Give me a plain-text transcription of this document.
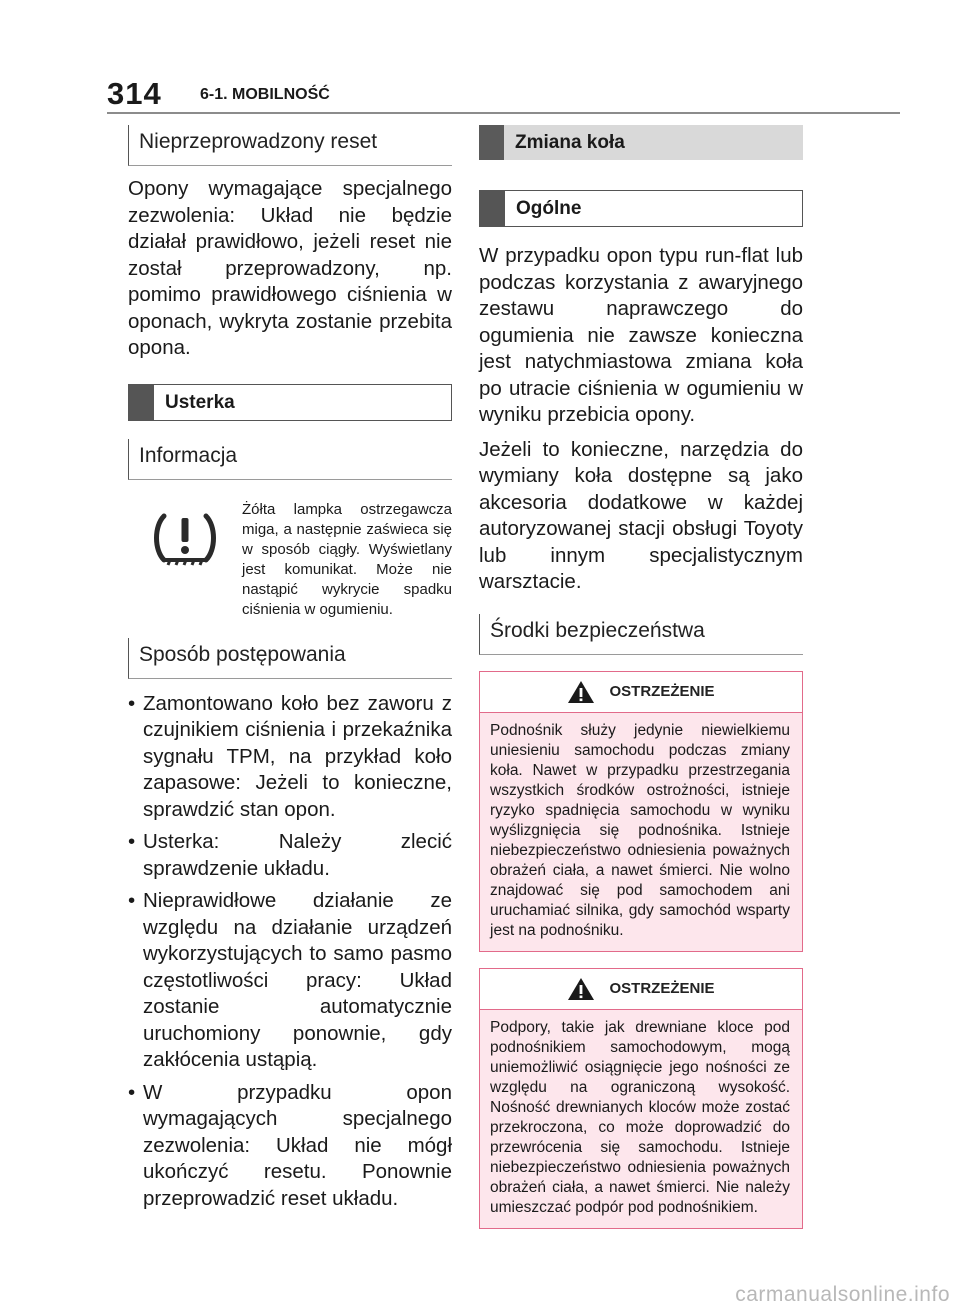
314 6-1. MOBILNOŚĆ
Nieprzeprowadzony reset

Opony wymagające specjalnego zezwolenia: Układ nie będzie działał prawidłowo, jeżeli reset nie został przeprowadzony, np. pomimo prawidłowego ciśnienia w oponach, wykryta zostanie przebita opona.

Usterka
Informacja
Żółta lampka ostrzegawcza miga, a następnie zaświeca się w sposób ciągły. Wyświetlany jest komunikat. Może nie nastąpić wykrycie spadku ciśnienia w ogumieniu.
Sposób postępowania
• Zamontowano koło bez zaworu z czujnikiem ciśnienia i przekaźnika sygnału TPM, na przykład koło zapasowe: Jeżeli to konieczne, sprawdzić stan opon.
• Usterka: Należy zlecić sprawdzenie układu.
• Nieprawidłowe działanie ze względu na działanie urządzeń wykorzystujących to samo pasmo częstotliwości pracy: Układ zostanie automatycznie uruchomiony ponownie, gdy zakłócenia ustąpią.
• W przypadku opon wymagających specjalnego zezwolenia: Układ nie mógł ukończyć resetu. Ponownie przeprowadzić reset układu.
Zmiana koła
Ogólne

W przypadku opon typu run-flat lub podczas korzystania z awaryjnego zestawu naprawczego do ogumienia nie zawsze konieczna jest natychmiastowa zmiana koła po utracie ciśnienia w ogumieniu w wyniku przebicia opony.

Jeżeli to konieczne, narzędzia do wymiany koła dostępne są jako akcesoria dodatkowe w każdej autoryzowanej stacji obsługi Toyoty lub innym specjalistycznym warsztacie.

Środki bezpieczeństwa
OSTRZEŻENIE
Podnośnik służy jedynie niewielkiemu uniesieniu samochodu podczas zmiany koła. Nawet w przypadku przestrzegania wszystkich środków ostrożności, istnieje ryzyko spadnięcia samochodu w wyniku wyślizgnięcia się podnośnika. Istnieje niebezpieczeństwo odniesienia poważnych obrażeń ciała, a nawet śmierci. Nie wolno znajdować się pod samochodem ani uruchamiać silnika, gdy samochód wsparty jest na podnośniku.
OSTRZEŻENIE
Podpory, takie jak drewniane kloce pod podnośnikiem samochodowym, mogą uniemożliwić osiągnięcie jego nośności ze względu na ograniczoną wysokość. Nośność drewnianych kloców może zostać przekroczona, co może doprowadzić do przewrócenia się samochodu. Istnieje niebezpieczeństwo odniesienia poważnych obrażeń ciała, a nawet śmierci. Nie należy umieszczać podpór pod podnośnikiem.
carmanualsonline.info
